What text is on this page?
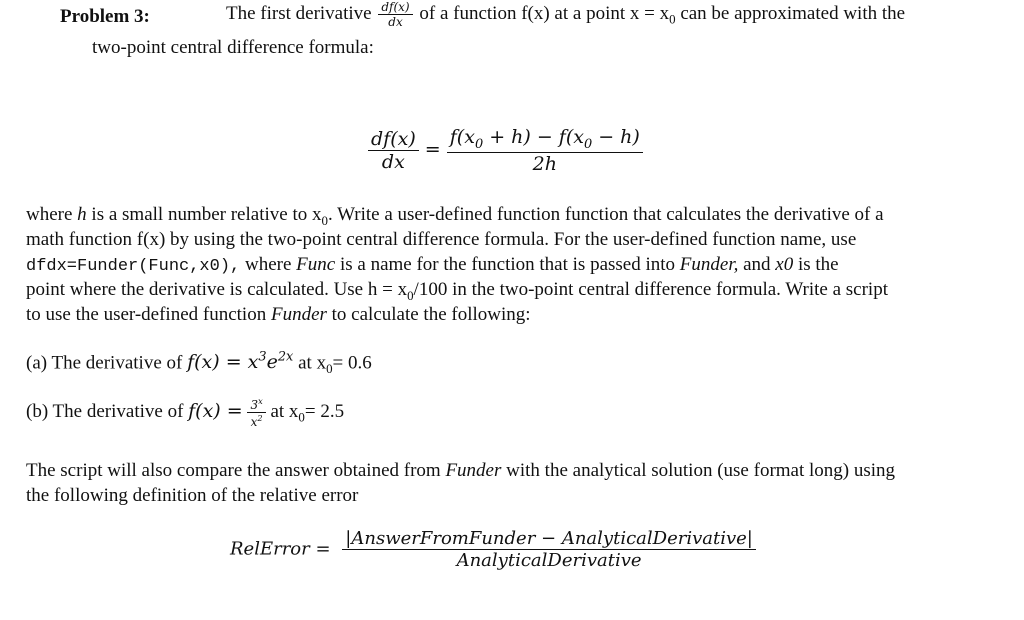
Problem 3:	The first derivative $\frac{df(x)}{dx}$ of a function f(x) at a point $x = x_0$ can be approximated with the
two-point central difference formula:
$\frac{df(x)}{dx} = \frac{f(x_0 + h) - f(x_0 - h)}{2h}$
where h is a small number relative to $x_0$. Write a user-defined function function that calculates the derivative of a
math function f(x) by using the two-point central difference formula. For the user-defined function name, use
dfdx=Funder(Func,x0), where Func is a name for the function that is passed into Funder, and x0 is the
point where the derivative is calculated. Use $h = x_0/100$ in the two-point central difference formula. Write a script
to use the user-defined function Funder to calculate the following:
(a) The derivative of $f(x) = x^3e^{2x}$ at $x_0= 0.6$
(b) The derivative of $f(x) = \frac{3^x}{x^2}$ at $x_0= 2.5$
The script will also compare the answer obtained from Funder with the analytical solution (use format long) using
the following definition of the relative error
RelError = $\frac{\text{|AnswerFromFunder − AnalyticalDerivative|}}{\text{AnalyticalDerivative}}$
